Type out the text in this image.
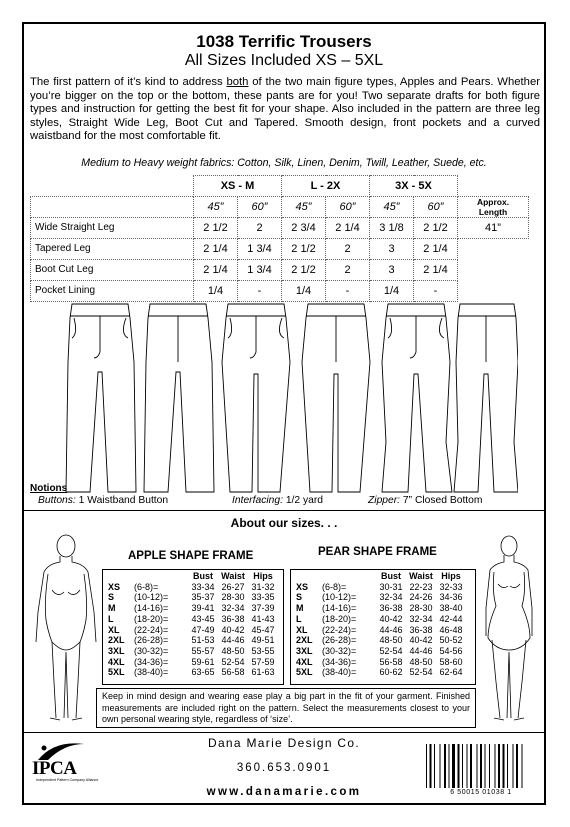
1038 Terrific Trousers
All Sizes Included XS – 5XL
The first pattern of it’s kind to address both of the two main figure types, Apples and Pears. Whether you’re bigger on the top or the bottom, these pants are for you! Two separate drafts for both figure types and instruction for getting the best fit for your shape. Also included in the pattern are three leg styles, Straight Wide Leg, Boot Cut and Tapered. Smooth design, front pockets and a curved waistband for the most comfortable fit.
Medium to Heavy weight fabrics: Cotton, Silk, Linen, Denim, Twill, Leather, Suede, etc.
	XS - M		L - 2X		3X - 5X		
	45”	60”	45”	60”	45”	60”	Approx. Length
Wide Straight Leg	2 1/2	2	2 3/4	2 1/4	3 1/8	2 1/2	41”
Tapered Leg	2 1/4	1 3/4	2 1/2	2	3	2 1/4	
Boot Cut Leg	2 1/4	1 3/4	2 1/2	2	3	2 1/4	
Pocket Lining	1/4	-	1/4	-	1/4	-	
Notions
Buttons: 1 Waistband Button	Interfacing: 1/2 yard	Zipper: 7” Closed Bottom
About our sizes. . .
APPLE SHAPE FRAME
		Bust	Waist	Hips
XS	(6-8)=	33-34	26-27	31-32
S	(10-12)=	35-37	28-30	33-35
M	(14-16)=	39-41	32-34	37-39
L	(18-20)=	43-45	36-38	41-43
XL	(22-24)=	47-49	40-42	45-47
2XL	(26-28)=	51-53	44-46	49-51
3XL	(30-32)=	55-57	48-50	53-55
4XL	(34-36)=	59-61	52-54	57-59
5XL	(38-40)=	63-65	56-58	61-63
PEAR SHAPE FRAME
		Bust	Waist	Hips
XS	(6-8)=	30-31	22-23	32-33
S	(10-12)=	32-34	24-26	34-36
M	(14-16)=	36-38	28-30	38-40
L	(18-20)=	40-42	32-34	42-44
XL	(22-24)=	44-46	36-38	46-48
2XL	(26-28)=	48-50	40-42	50-52
3XL	(30-32)=	52-54	44-46	54-56
4XL	(34-36)=	56-58	48-50	58-60
5XL	(38-40)=	60-62	52-54	62-64
Keep in mind design and wearing ease play a big part in the fit of your garment. Finished measurements are included right on the pattern. Select the measurements closest to your own personal wearing style, regardless of ‘size’.
IPCA
Independent Pattern Company Alliance
Dana Marie Design Co.
360.653.0901
www.danamarie.com	6 50015 01038 1
